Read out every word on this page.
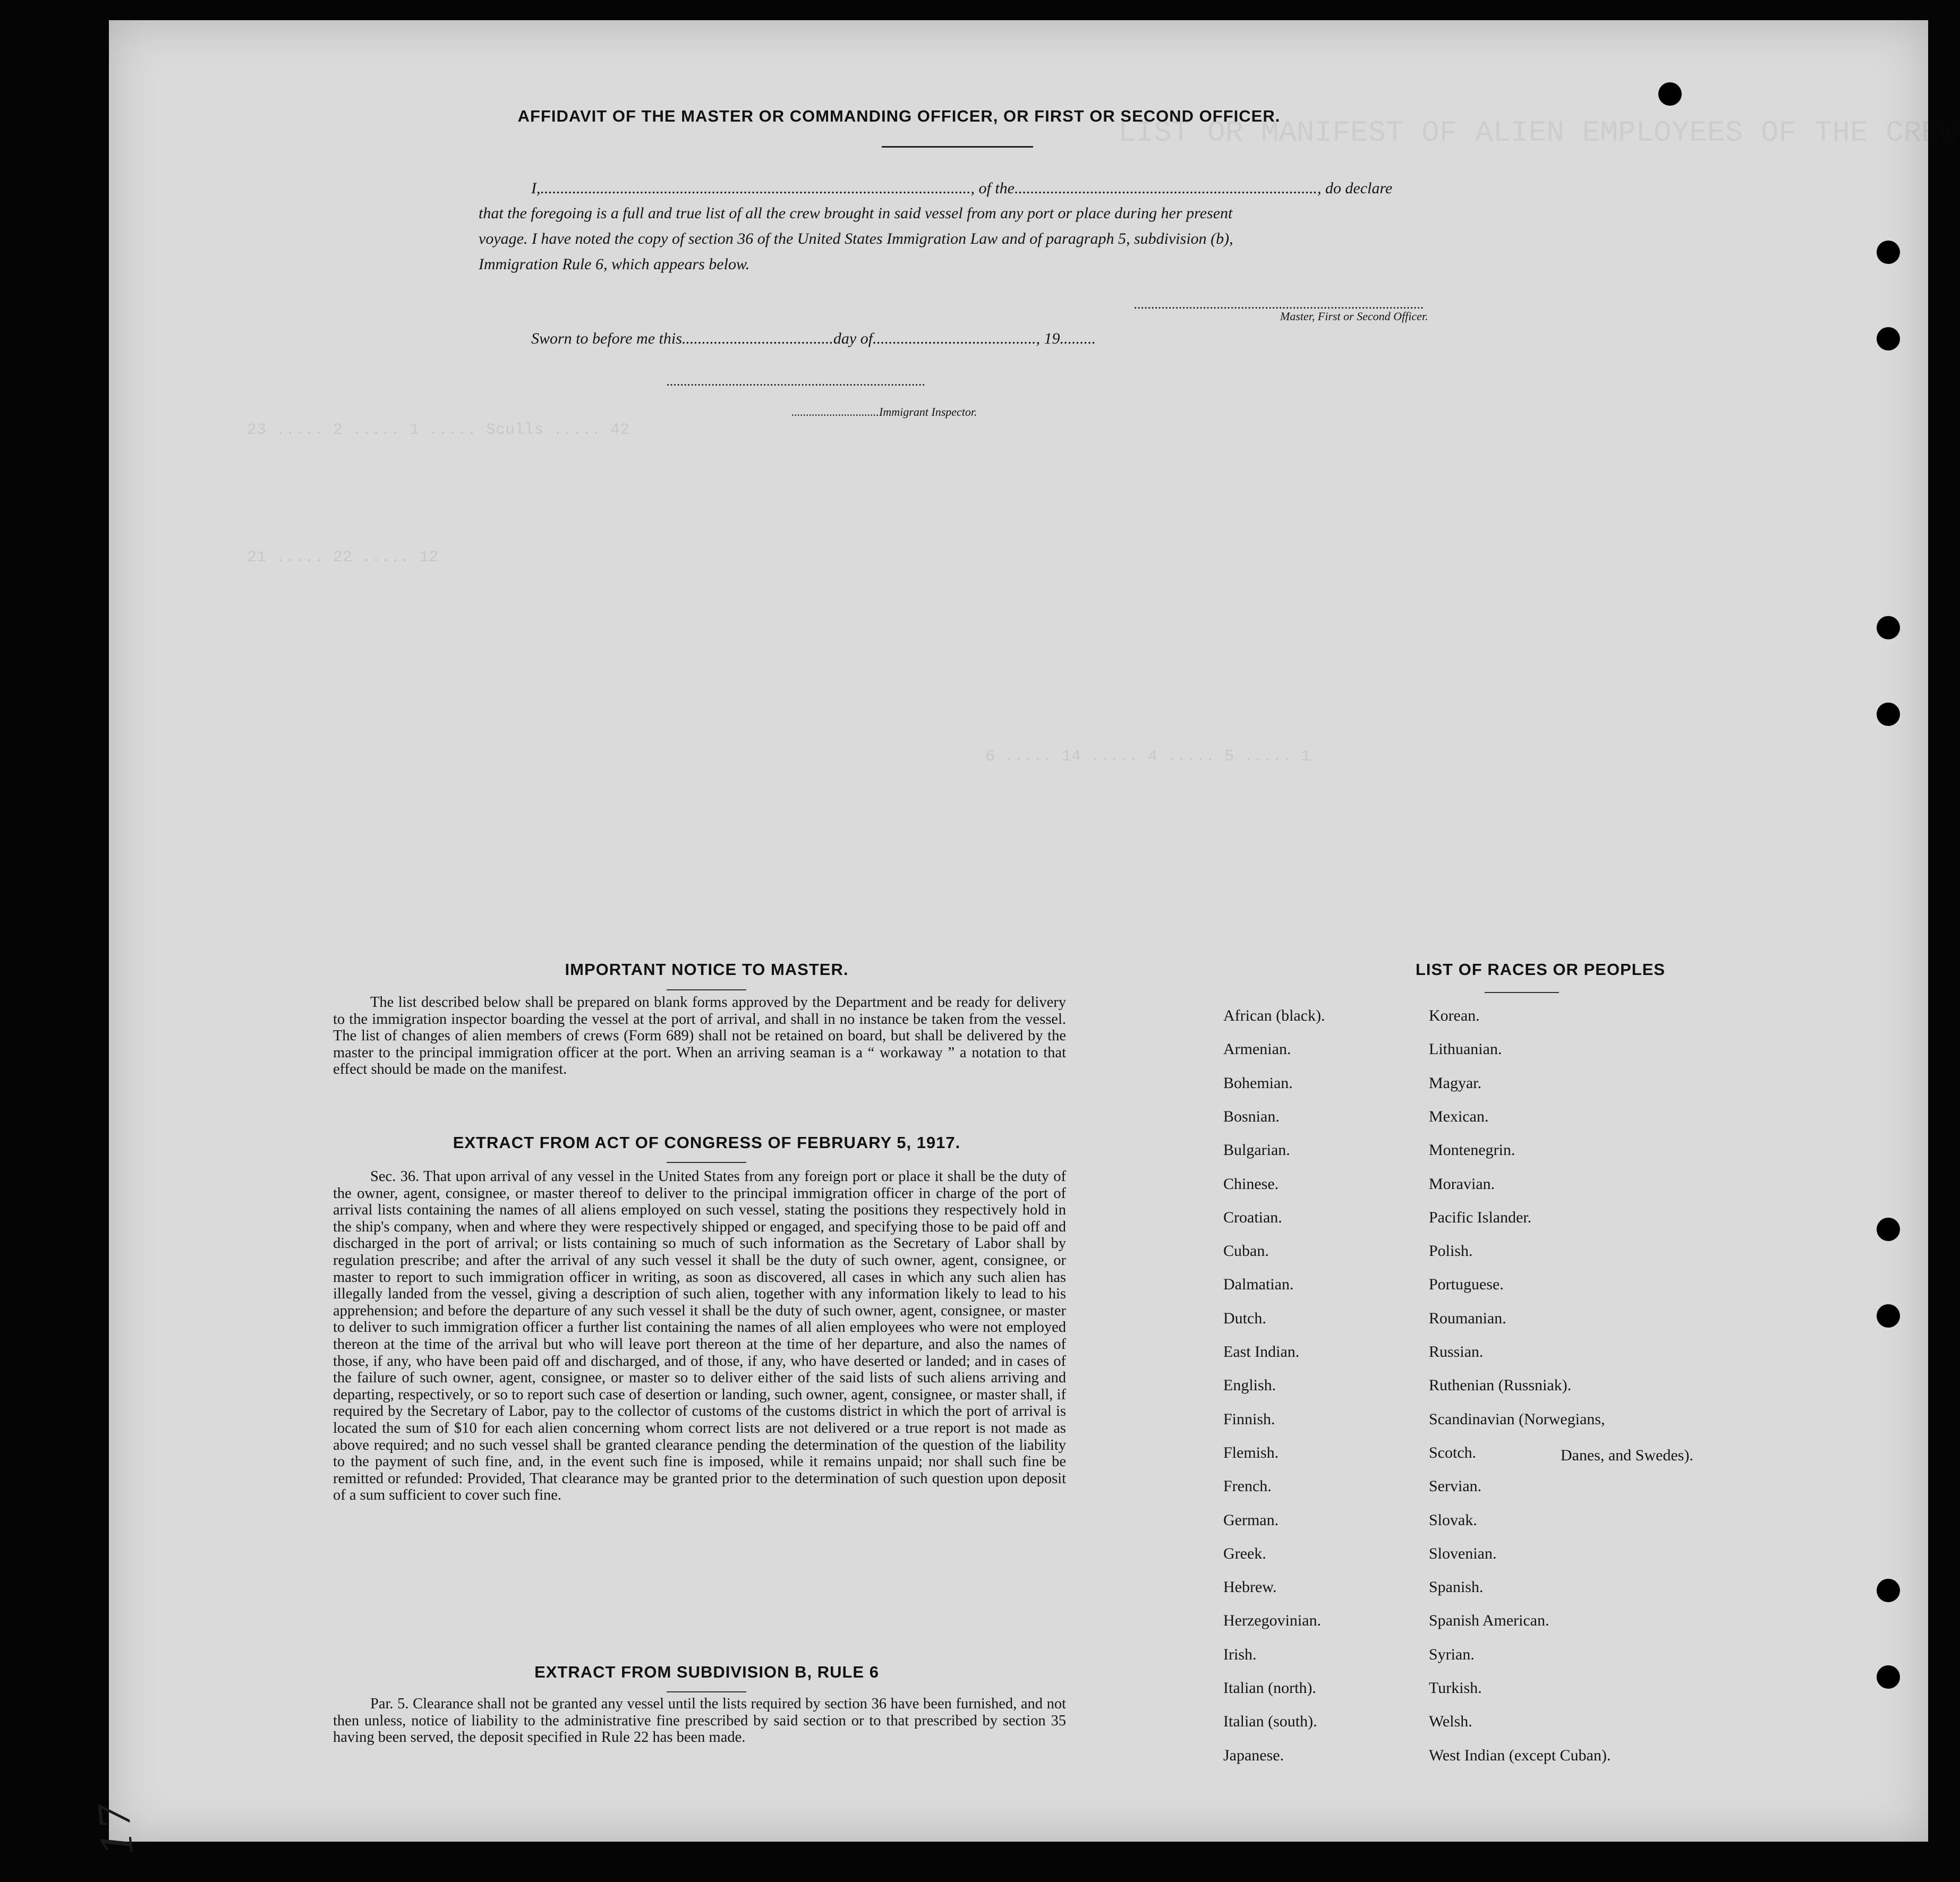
LIST OR MANIFEST OF ALIEN EMPLOYEES OF THE CREW
23 ..... 2 ..... 1 ..... Sculls ..... 42
21 ..... 22 ..... 12
6 ..... 14 ..... 4 ..... 5 ..... 1
AFFIDAVIT OF THE MASTER OR COMMANDING OFFICER, OR FIRST OR SECOND OFFICER.
I,............................................................................................................, of the............................................................................, do declare
that the foregoing is a full and true list of all the crew brought in said vessel from any port or place during her present
voyage. I have noted the copy of section 36 of the United States Immigration Law and of paragraph 5, subdivision (b),
Immigration Rule 6, which appears below.
....................................................................................
Master, First or Second Officer.
Sworn to before me this......................................day of........................................., 19.........
...........................................................................
..............................Immigrant Inspector.
IMPORTANT NOTICE TO MASTER.
The list described below shall be prepared on blank forms approved by the Department and be ready for delivery to the immigration inspector boarding the vessel at the port of arrival, and shall in no instance be taken from the vessel. The list of changes of alien members of crews (Form 689) shall not be retained on board, but shall be delivered by the master to the principal immigration officer at the port. When an arriving seaman is a “ workaway ” a notation to that effect should be made on the manifest.
EXTRACT FROM ACT OF CONGRESS OF FEBRUARY 5, 1917.
Sec. 36. That upon arrival of any vessel in the United States from any foreign port or place it shall be the duty of the owner, agent, consignee, or master thereof to deliver to the principal immigration officer in charge of the port of arrival lists containing the names of all aliens employed on such vessel, stating the positions they respectively hold in the ship's company, when and where they were respectively shipped or engaged, and specifying those to be paid off and discharged in the port of arrival; or lists containing so much of such information as the Secretary of Labor shall by regulation prescribe; and after the arrival of any such vessel it shall be the duty of such owner, agent, consignee, or master to report to such immigration officer in writing, as soon as discovered, all cases in which any such alien has illegally landed from the vessel, giving a description of such alien, together with any information likely to lead to his apprehension; and before the departure of any such vessel it shall be the duty of such owner, agent, consignee, or master to deliver to such immigration officer a further list containing the names of all alien employees who were not employed thereon at the time of the arrival but who will leave port thereon at the time of her departure, and also the names of those, if any, who have been paid off and discharged, and of those, if any, who have deserted or landed; and in cases of the failure of such owner, agent, consignee, or master so to deliver either of the said lists of such aliens arriving and departing, respectively, or so to report such case of desertion or landing, such owner, agent, consignee, or master shall, if required by the Secretary of Labor, pay to the collector of customs of the customs district in which the port of arrival is located the sum of $10 for each alien concerning whom correct lists are not delivered or a true report is not made as above required; and no such vessel shall be granted clearance pending the determination of the question of the liability to the payment of such fine, and, in the event such fine is imposed, while it remains unpaid; nor shall such fine be remitted or refunded: Provided, That clearance may be granted prior to the determination of such question upon deposit of a sum sufficient to cover such fine.
EXTRACT FROM SUBDIVISION B, RULE 6
Par. 5. Clearance shall not be granted any vessel until the lists required by section 36 have been furnished, and not then unless, notice of liability to the administrative fine prescribed by said section or to that prescribed by section 35 having been served, the deposit specified in Rule 22 has been made.
LIST OF RACES OR PEOPLES
African (black).
Armenian.
Bohemian.
Bosnian.
Bulgarian.
Chinese.
Croatian.
Cuban.
Dalmatian.
Dutch.
East Indian.
English.
Finnish.
Flemish.
French.
German.
Greek.
Hebrew.
Herzegovinian.
Irish.
Italian (north).
Italian (south).
Japanese.
Korean.
Lithuanian.
Magyar.
Mexican.
Montenegrin.
Moravian.
Pacific Islander.
Polish.
Portuguese.
Roumanian.
Russian.
Ruthenian (Russniak).
Scandinavian (Norwegians,
Scotch.
Servian.
Slovak.
Slovenian.
Spanish.
Spanish American.
Syrian.
Turkish.
Welsh.
West Indian (except Cuban).
Danes, and Swedes).
17
